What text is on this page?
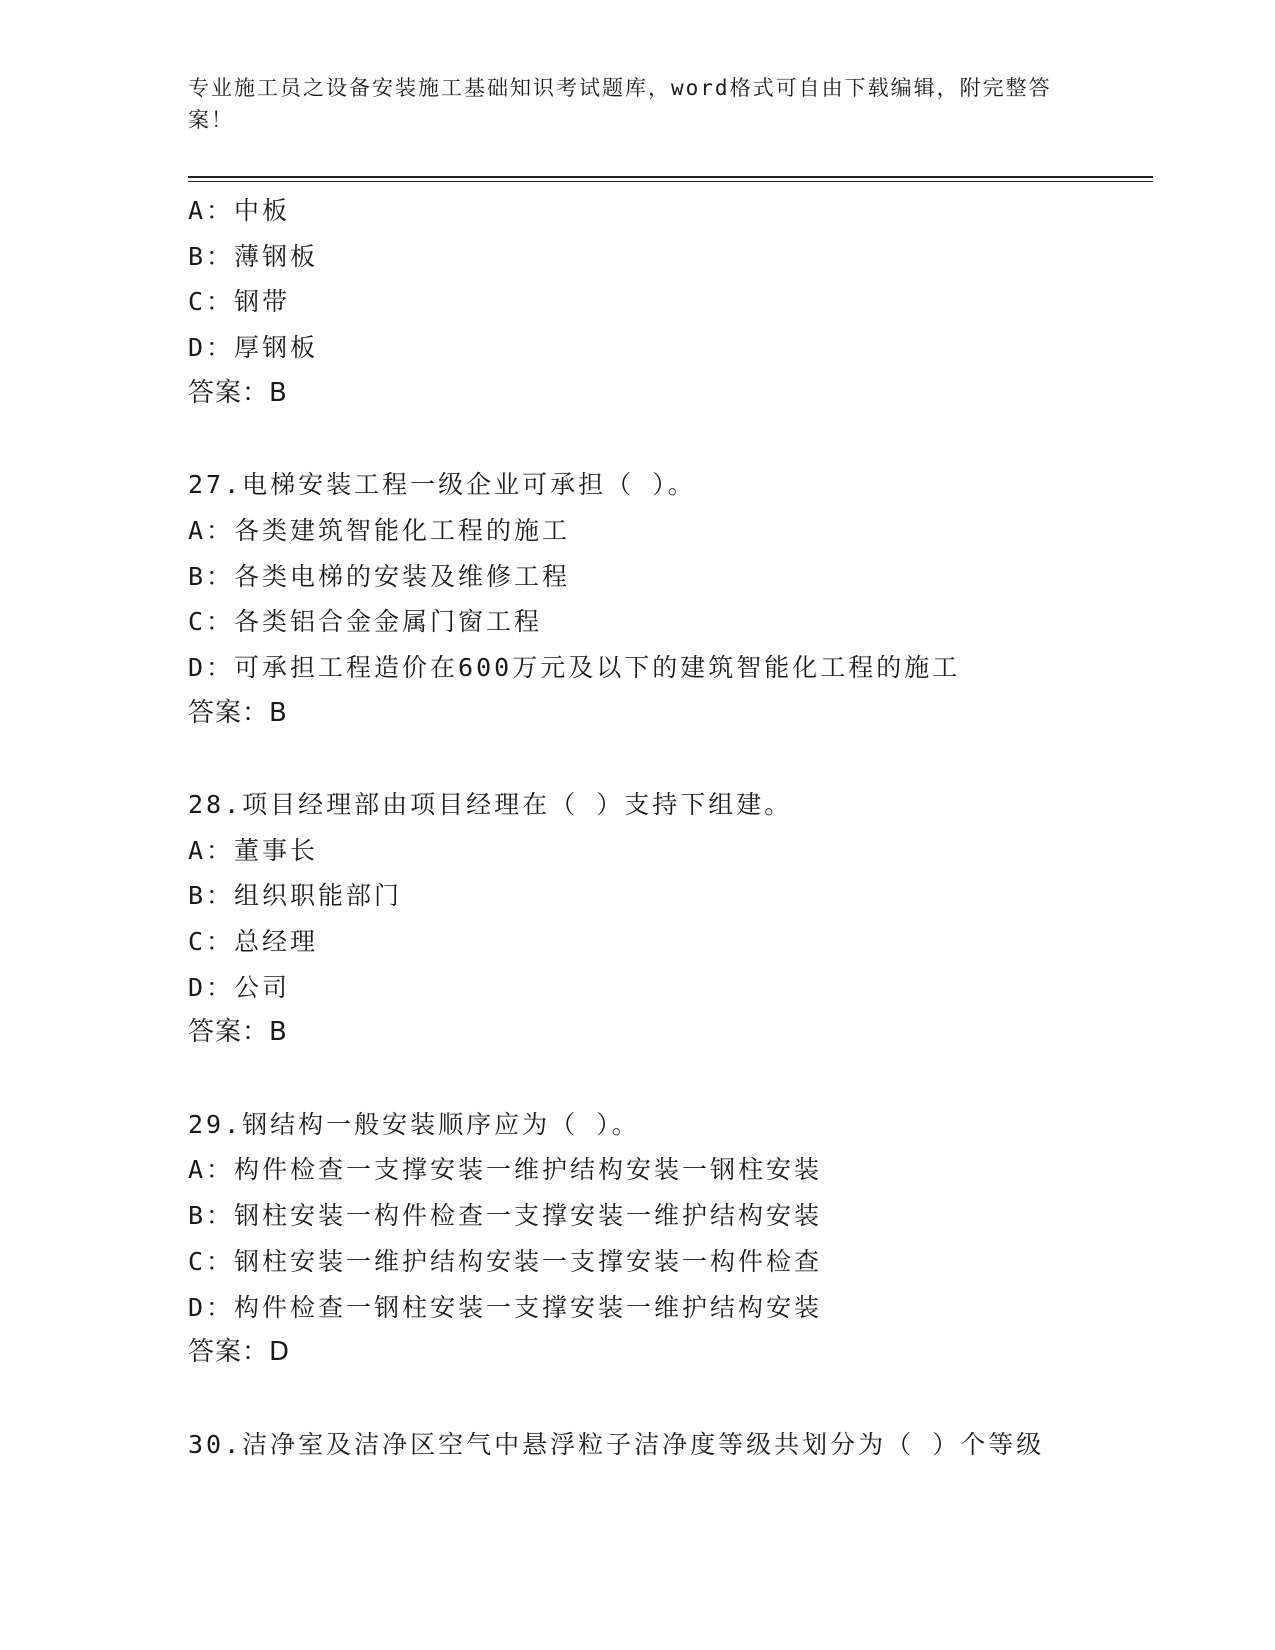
专业施工员之设备安装施工基础知识考试题库，word格式可自由下载编辑，附完整答案！
A：中板
B：薄钢板
C：钢带
D：厚钢板
答案：B
27.电梯安装工程一级企业可承担（ ）。
A：各类建筑智能化工程的施工
B：各类电梯的安装及维修工程
C：各类铝合金金属门窗工程
D：可承担工程造价在600万元及以下的建筑智能化工程的施工
答案：B
28.项目经理部由项目经理在（ ）支持下组建。
A：董事长
B：组织职能部门
C：总经理
D：公司
答案：B
29.钢结构一般安装顺序应为（ ）。
A：构件检查一支撑安装一维护结构安装一钢柱安装
B：钢柱安装一构件检查一支撑安装一维护结构安装
C：钢柱安装一维护结构安装一支撑安装一构件检查
D：构件检查一钢柱安装一支撑安装一维护结构安装
答案：D
30.洁净室及洁净区空气中悬浮粒子洁净度等级共划分为（ ）个等级
